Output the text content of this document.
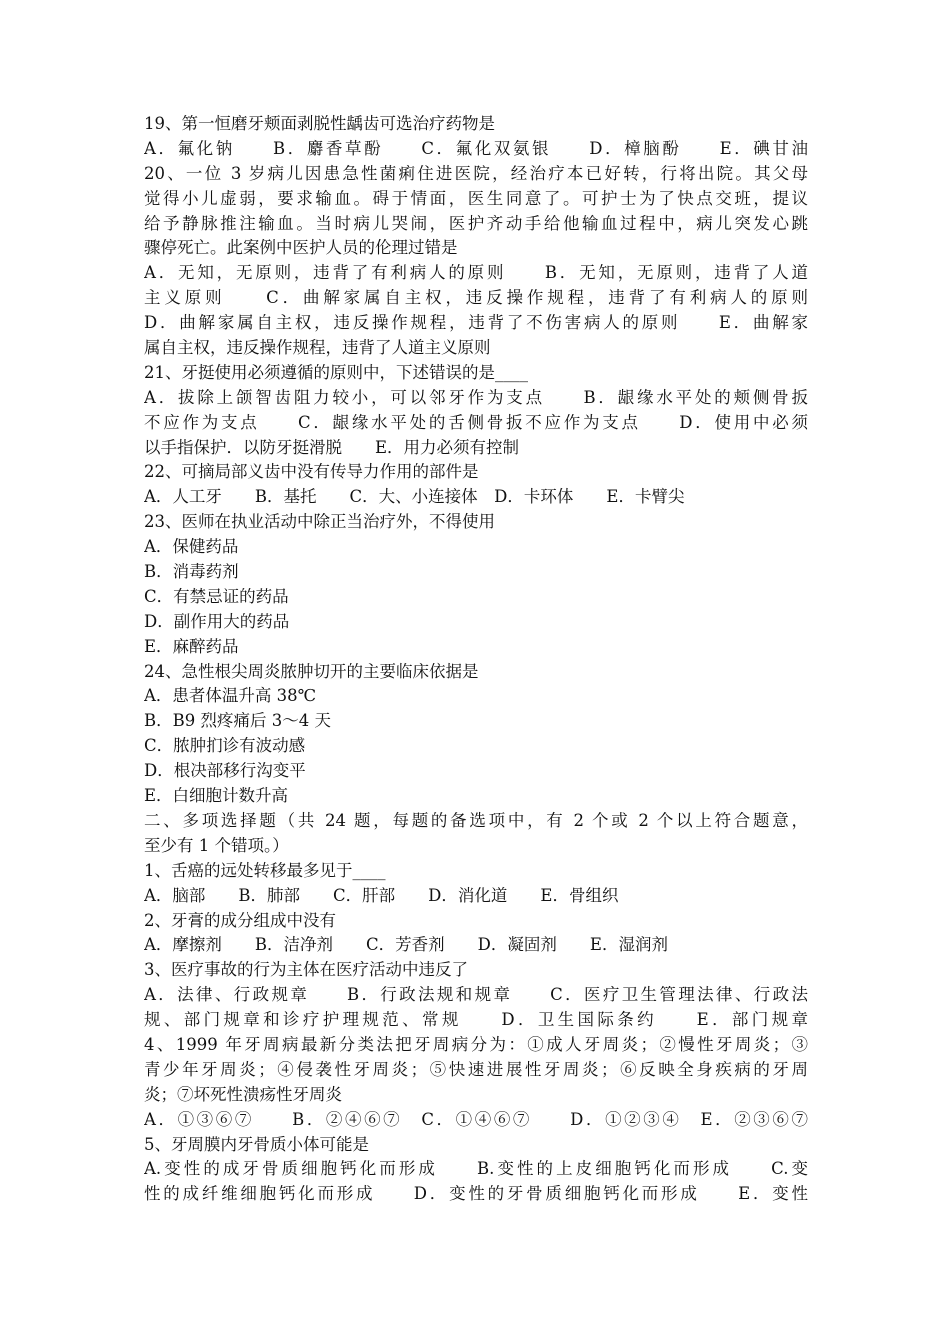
19、第一恒磨牙颊面剥脱性龋齿可选治疗药物是
A．氟化钠　　B．麝香草酚　　C．氟化双氨银　　D．樟脑酚　　E．碘甘油
20、一位 3 岁病儿因患急性菌痢住进医院，经治疗本已好转，行将出院。其父母
觉得小儿虚弱，要求输血。碍于情面，医生同意了。可护士为了快点交班，提议
给予静脉推注输血。当时病儿哭闹，医护齐动手给他输血过程中，病儿突发心跳
骤停死亡。此案例中医护人员的伦理过错是
A．无知，无原则，违背了有利病人的原则　　B．无知，无原则，违背了人道
主义原则　　C．曲解家属自主权，违反操作规程，违背了有利病人的原则
D．曲解家属自主权，违反操作规程，违背了不伤害病人的原则　　E．曲解家
属自主权，违反操作规程，违背了人道主义原则
21、牙挺使用必须遵循的原则中，下述错误的是____
A．拔除上颌智齿阻力较小，可以邻牙作为支点　　B．龈缘水平处的颊侧骨扳
不应作为支点　　C．龈缘水平处的舌侧骨扳不应作为支点　　D．使用中必须
以手指保护．以防牙挺滑脱　　E．用力必须有控制
22、可摘局部义齿中没有传导力作用的部件是
A．人工牙　　B．基托　　C．大、小连接体　D．卡环体　　E．卡臂尖
23、医师在执业活动中除正当治疗外，不得使用
A．保健药品
B．消毒药剂
C．有禁忌证的药品
D．副作用大的药品
E．麻醉药品
24、急性根尖周炎脓肿切开的主要临床依据是
A．患者体温升高 38℃
B．B9 烈疼痛后 3～4 天
C．脓肿扪诊有波动感
D．根决部移行沟变平
E．白细胞计数升高
二、多项选择题（共 24 题，每题的备选项中，有 2 个或 2 个以上符合题意，
至少有 1 个错项。）
1、舌癌的远处转移最多见于____
A．脑部　　B．肺部　　C．肝部　　D．消化道　　E．骨组织
2、牙膏的成分组成中没有
A．摩擦剂　　B．洁净剂　　C．芳香剂　　D．凝固剂　　E．湿润剂
3、医疗事故的行为主体在医疗活动中违反了
A．法律、行政规章　　B．行政法规和规章　　C．医疗卫生管理法律、行政法
规、部门规章和诊疗护理规范、常规　　D．卫生国际条约　　E．部门规章
4、1999 年牙周病最新分类法把牙周病分为：①成人牙周炎；②慢性牙周炎；③
青少年牙周炎；④侵袭性牙周炎；⑤快速进展性牙周炎；⑥反映全身疾病的牙周
炎；⑦坏死性溃疡性牙周炎
A．①③⑥⑦　　B．②④⑥⑦　C．①④⑥⑦　　D．①②③④　E．②③⑥⑦
5、牙周膜内牙骨质小体可能是
A.变性的成牙骨质细胞钙化而形成　　B.变性的上皮细胞钙化而形成　　C.变
性的成纤维细胞钙化而形成　　D．变性的牙骨质细胞钙化而形成　　E．变性
